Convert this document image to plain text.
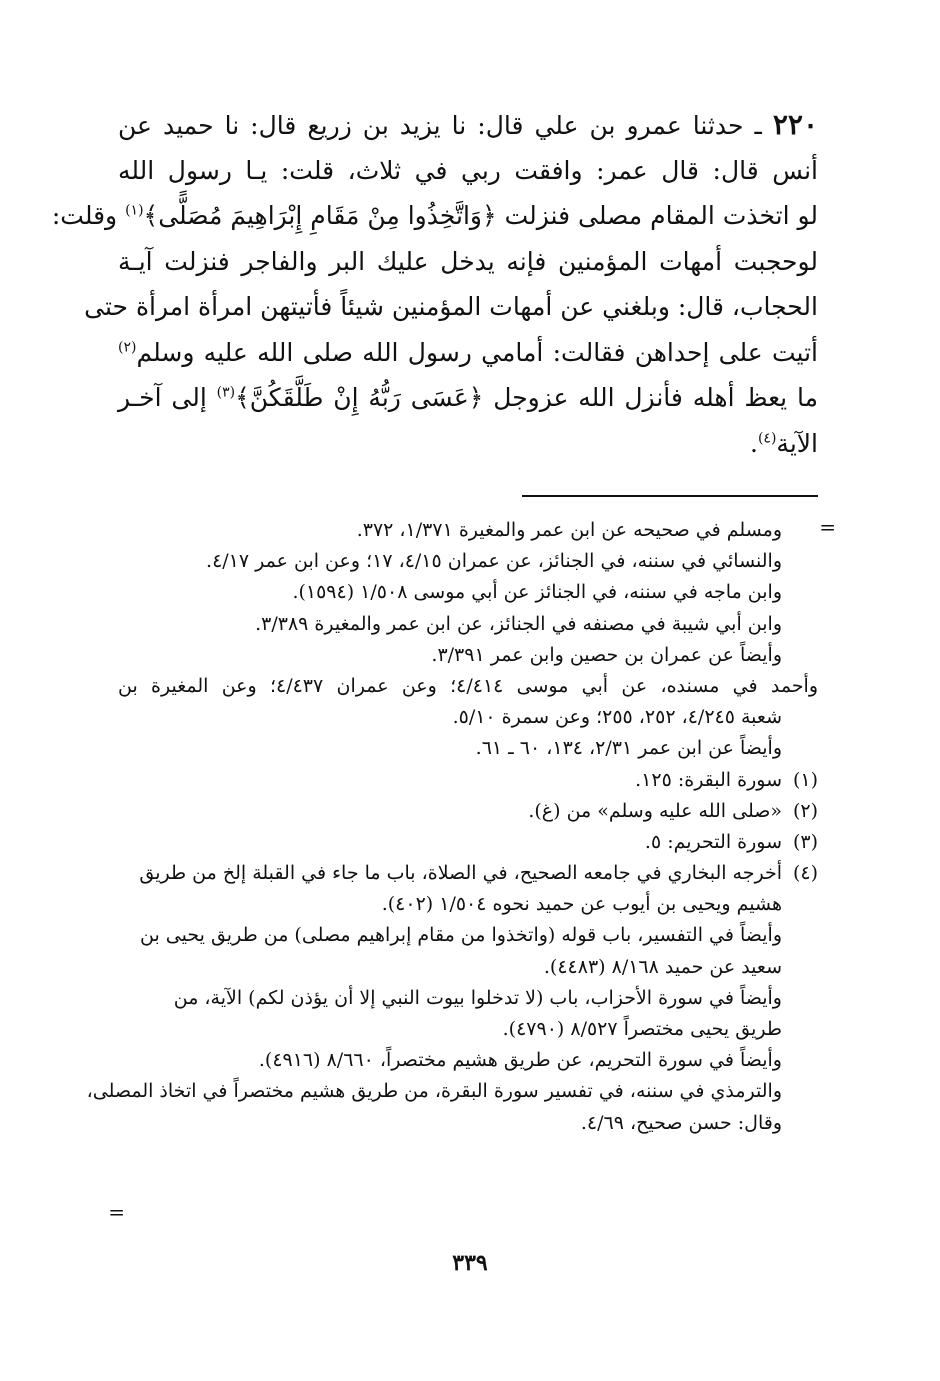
٢٢٠ ـ حدثنا عمرو بن علي قال: نا يزيد بن زريع قال: نا حميد عن
أنس قال: قال عمر: وافقت ربي في ثلاث، قلت: يـا رسول الله
لو اتخذت المقام مصلى فنزلت ﴿وَاتَّخِذُوا مِنْ مَقَامِ إِبْرَاهِيمَ مُصَلًّى﴾$^{(١)}$ وقلت:
لوحجبت أمهات المؤمنين فإنه يدخل عليك البر والفاجر فنزلت آيـة
الحجاب، قال: وبلغني عن أمهات المؤمنين شيئاً فأتيتهن امرأة امرأة حتى
أتيت على إحداهن فقالت: أمامي رسول الله صلى الله عليه وسلم$^{(٢)}$
ما يعظ أهله فأنزل الله عزوجل ﴿عَسَى رَبُّهُ إِنْ طَلَّقَكُنَّ﴾$^{(٣)}$ إلى آخـر
الآية$^{(٤)}$.
=
ومسلم في صحيحه عن ابن عمر والمغيرة ١/٣٧١، ٣٧٢.
والنسائي في سننه، في الجنائز، عن عمران ٤/١٥، ١٧؛ وعن ابن عمر ٤/١٧.
وابن ماجه في سننه، في الجنائز عن أبي موسى ١/٥٠٨ (١٥٩٤).
وابن أبي شيبة في مصنفه في الجنائز، عن ابن عمر والمغيرة ٣/٣٨٩.
وأيضاً عن عمران بن حصين وابن عمر ٣/٣٩١.
وأحمد في مسنده، عن أبي موسى ٤/٤١٤؛ وعن عمران ٤/٤٣٧؛ وعن المغيرة بن
شعبة ٤/٢٤٥، ٢٥٢، ٢٥٥؛ وعن سمرة ٥/١٠.
وأيضاً عن ابن عمر ٢/٣١، ١٣٤، ٦٠ ـ ٦١.
(١)سورة البقرة: ١٢٥.
(٢)«صلى الله عليه وسلم» من (غ).
(٣)سورة التحريم: ٥.
(٤)أخرجه البخاري في جامعه الصحيح، في الصلاة، باب ما جاء في القبلة إلخ من طريق
هشيم ويحيى بن أيوب عن حميد نحوه ١/٥٠٤ (٤٠٢).
وأيضاً في التفسير، باب قوله (واتخذوا من مقام إبراهيم مصلى) من طريق يحيى بن
سعيد عن حميد ٨/١٦٨ (٤٤٨٣).
وأيضاً في سورة الأحزاب، باب (لا تدخلوا بيوت النبي إلا أن يؤذن لكم) الآية، من
طريق يحيى مختصراً ٨/٥٢٧ (٤٧٩٠).
وأيضاً في سورة التحريم، عن طريق هشيم مختصراً، ٨/٦٦٠ (٤٩١٦).
والترمذي في سننه، في تفسير سورة البقرة، من طريق هشيم مختصراً في اتخاذ المصلى،
وقال: حسن صحيح، ٤/٦٩.
=
٣٣٩
